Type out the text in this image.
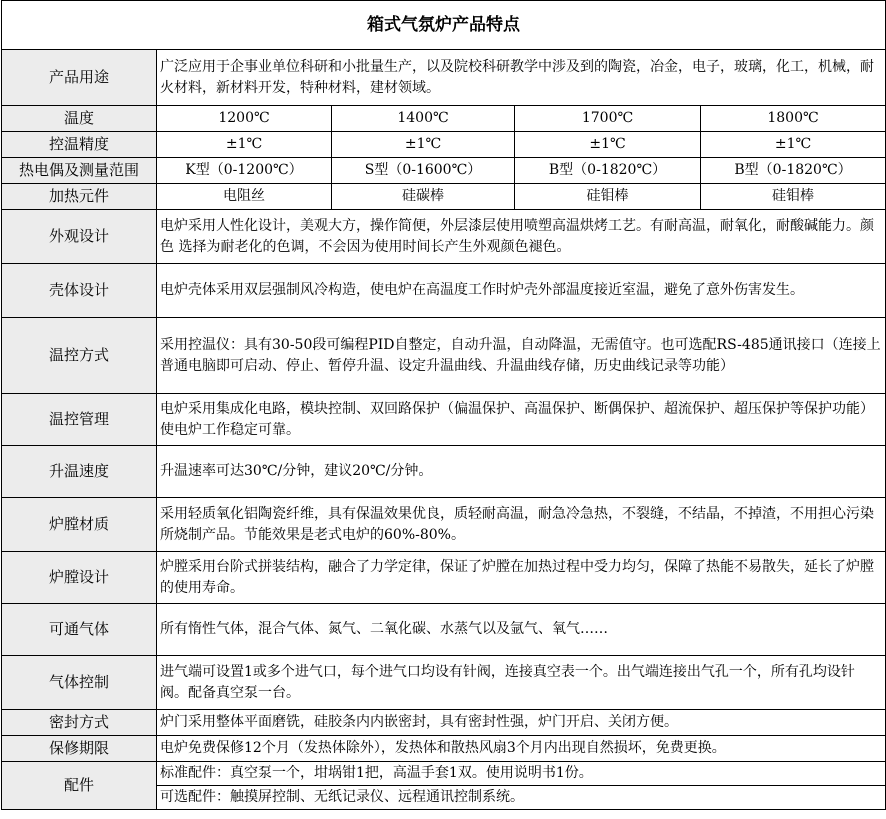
箱式气氛炉产品特点				
产品用途	广泛应用于企事业单位科研和小批量生产，以及院校科研教学中涉及到的陶瓷，冶金，电子，玻璃，化工，机械，耐火材料，新材料开发，特种材料，建材领域。			
温度	1200℃	1400℃	1700℃	1800℃
控温精度	±1℃	±1℃	±1℃	±1℃
热电偶及测量范围	K型（0-1200℃）	S型（0-1600℃）	B型（0-1820℃）	B型（0-1820℃）
加热元件	电阻丝	硅碳棒	硅钼棒	硅钼棒
外观设计	电炉采用人性化设计，美观大方，操作简便，外层漆层使用喷塑高温烘烤工艺。有耐高温，耐氧化，耐酸碱能力。颜色 选择为耐老化的色调，不会因为使用时间长产生外观颜色褪色。			
壳体设计	电炉壳体采用双层强制风冷构造，使电炉在高温度工作时炉壳外部温度接近室温，避免了意外伤害发生。			
温控方式	采用控温仪：具有30-50段可编程PID自整定，自动升温，自动降温，无需值守。也可选配RS-485通讯接口（连接上普通电脑即可启动、停止、暂停升温、设定升温曲线、升温曲线存储，历史曲线记录等功能）			
温控管理	电炉采用集成化电路，模块控制、双回路保护（偏温保护、高温保护、断偶保护、超流保护、超压保护等保护功能）使电炉工作稳定可靠。			
升温速度	升温速率可达30℃/分钟，建议20℃/分钟。			
炉膛材质	采用轻质氧化铝陶瓷纤维，具有保温效果优良，质轻耐高温，耐急冷急热，不裂缝，不结晶，不掉渣，不用担心污染所烧制产品。节能效果是老式电炉的60%-80%。			
炉膛设计	炉膛采用台阶式拼装结构，融合了力学定律，保证了炉膛在加热过程中受力均匀，保障了热能不易散失，延长了炉膛的使用寿命。			
可通气体	所有惰性气体，混合气体、氮气、二氧化碳、水蒸气以及氩气、氧气……			
气体控制	进气端可设置1或多个进气口，每个进气口均设有针阀，连接真空表一个。出气端连接出气孔一个，所有孔均设针阀。配备真空泵一台。			
密封方式	炉门采用整体平面磨铣，硅胶条内内嵌密封，具有密封性强，炉门开启、关闭方便。			
保修期限	电炉免费保修12个月（发热体除外），发热体和散热风扇3个月内出现自然损坏，免费更换。			
配件	标准配件：真空泵一个，坩埚钳1把，高温手套1双。使用说明书1份。			
	可选配件：触摸屏控制、无纸记录仪、远程通讯控制系统。			
